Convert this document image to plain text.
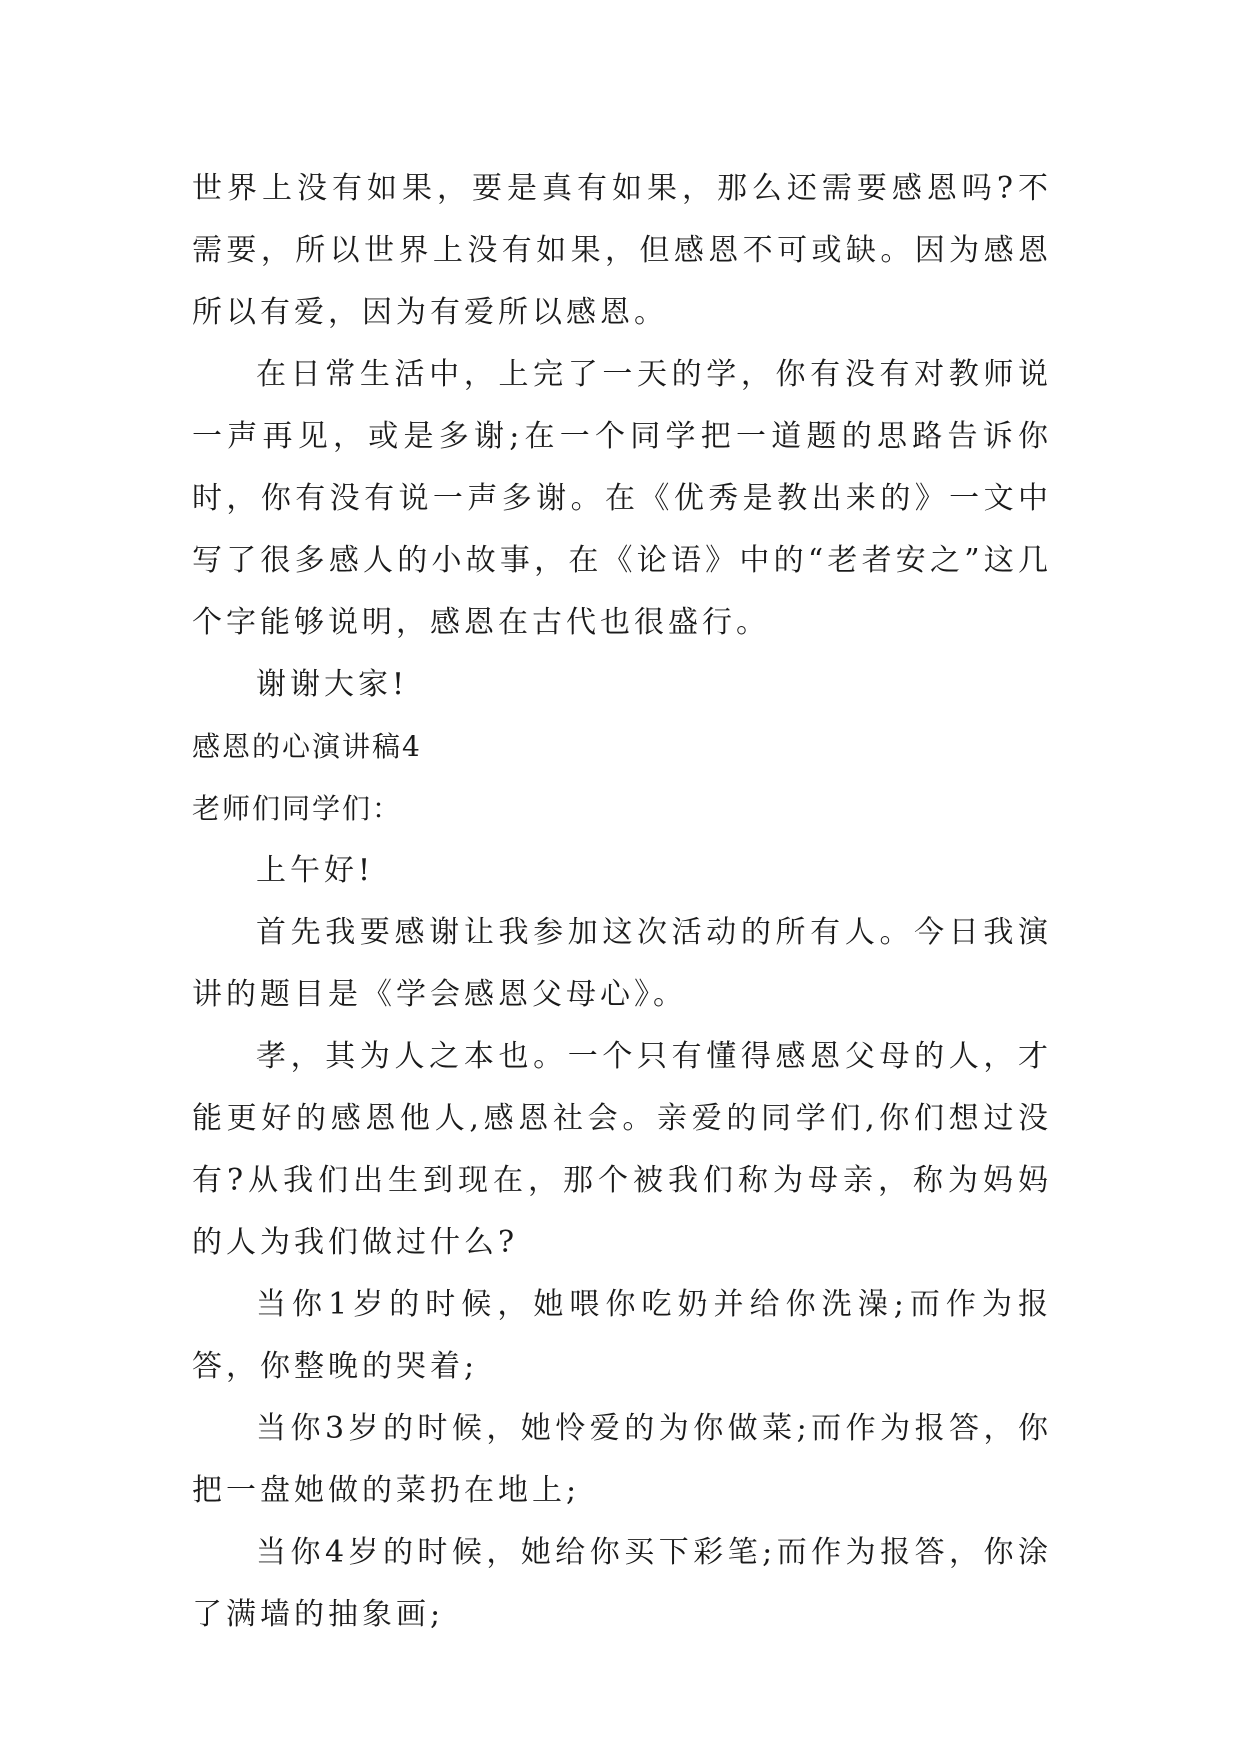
世界上没有如果，要是真有如果，那么还需要感恩吗?不需要，所以世界上没有如果，但感恩不可或缺。因为感恩所以有爱，因为有爱所以感恩。

在日常生活中，上完了一天的学，你有没有对教师说一声再见，或是多谢;在一个同学把一道题的思路告诉你时，你有没有说一声多谢。在《优秀是教出来的》一文中写了很多感人的小故事，在《论语》中的“老者安之”这几个字能够说明，感恩在古代也很盛行。

谢谢大家!

感恩的心演讲稿4

老师们同学们：

上午好!

首先我要感谢让我参加这次活动的所有人。今日我演讲的题目是《学会感恩父母心》。

孝，其为人之本也。一个只有懂得感恩父母的人，才能更好的感恩他人,感恩社会。亲爱的同学们,你们想过没有?从我们出生到现在，那个被我们称为母亲，称为妈妈的人为我们做过什么?

当你1岁的时候，她喂你吃奶并给你洗澡;而作为报答，你整晚的哭着;

当你3岁的时候，她怜爱的为你做菜;而作为报答，你把一盘她做的菜扔在地上;

当你4岁的时候，她给你买下彩笔;而作为报答，你涂了满墙的抽象画;
